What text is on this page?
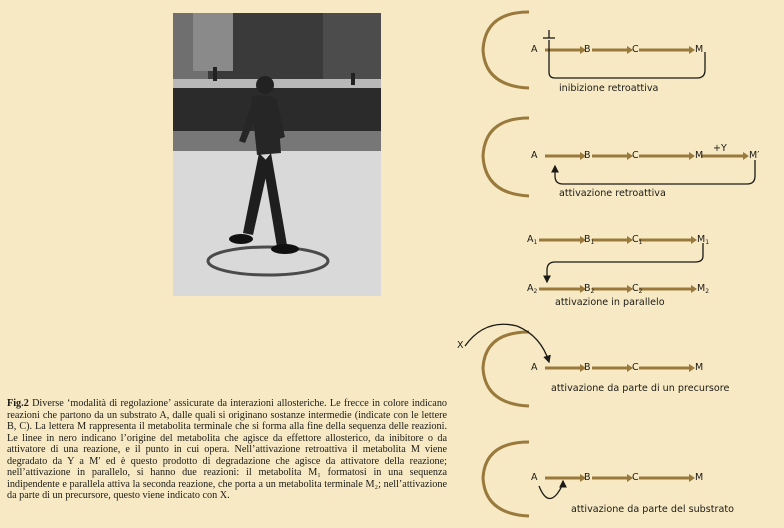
Fig.2 Diverse ‘modalità di regolazione’ assicurate da interazioni allosteriche. Le frecce in colore indicano reazioni che partono da un substrato A, dalle quali si originano sostanze intermedie (indicate con le lettere B, C). La lettera M rappresenta il metabolita terminale che si forma alla fine della sequenza delle reazioni. Le linee in nero indicano l’origine del metabolita che agisce da effettore allosterico, da inibitore o da attivatore di una reazione, e il punto in cui opera. Nell’attivazione retroattiva il metabolita M viene degradato da Y a M′ ed è questo prodotto di degradazione che agisce da attivatore della reazione; nell’attivazione in parallelo, si hanno due reazioni: il metabolita M₁ formatosi in una sequenza indipendente e parallela attiva la seconda reazione, che porta a un metabolita terminale M₂; nell’attivazione da parte di un precursore, questo viene indicato con X.
A	B	C	M
inibizione retroattiva
A	B	C	M
+Y
M′
attivazione retroattiva
$A_1$	$B_1$	$C_1$	$M_1$
$A_2$	$B_2$	$C_2$	$M_2$
attivazione in parallelo
X
A	B	C	M
attivazione da parte di un precursore
A	B	C	M
attivazione da parte del substrato
